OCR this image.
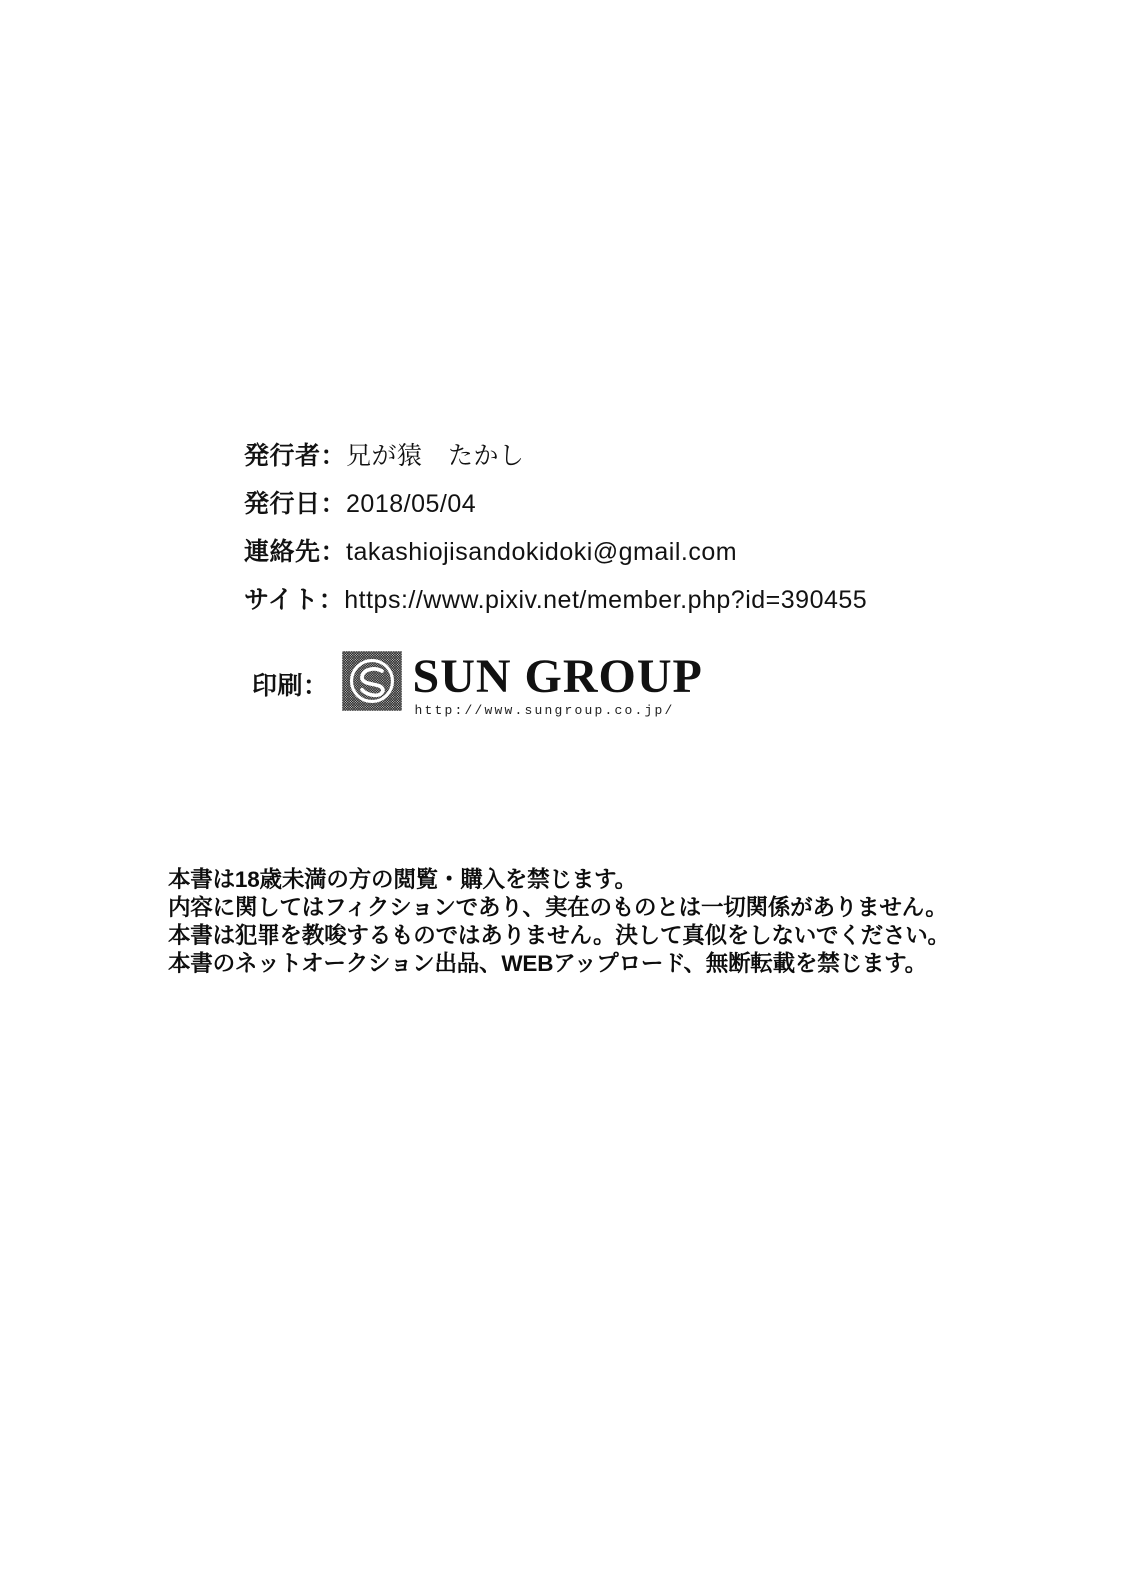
発行者：兄が猿　たかし
発行日：2018/05/04
連絡先：takashiojisandokidoki@gmail.com
サイト：https://www.pixiv.net/member.php?id=390455
印刷： SUN GROUP
http://www.sungroup.co.jp/
本書は18歳未満の方の閲覧・購入を禁じます。
内容に関してはフィクションであり、実在のものとは一切関係がありません。
本書は犯罪を教唆するものではありません。決して真似をしないでください。
本書のネットオークション出品、WEBアップロード、無断転載を禁じます。
